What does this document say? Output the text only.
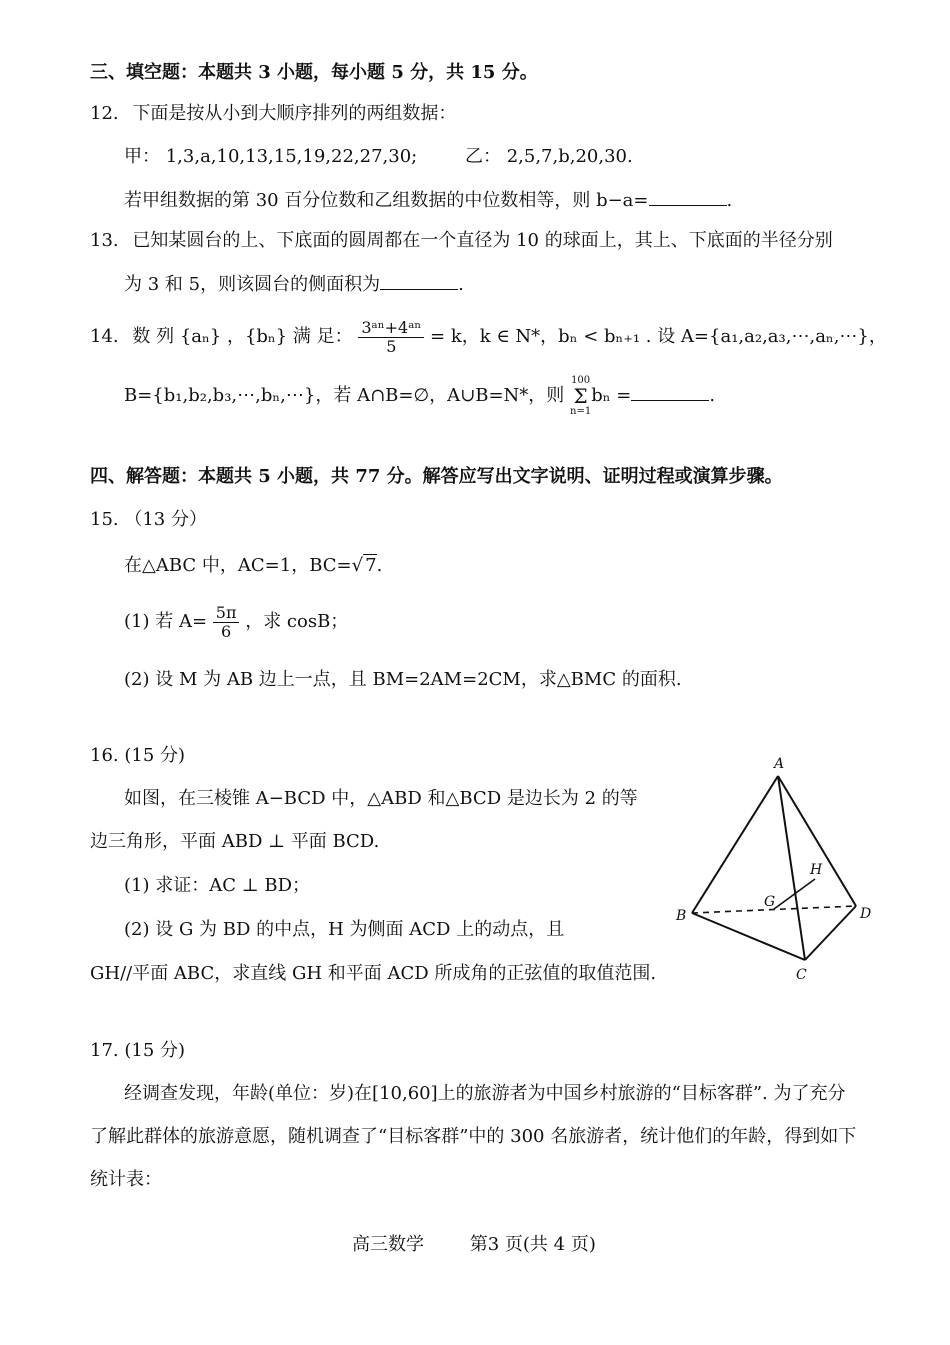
三、填空题：本题共 3 小题，每小题 5 分，共 15 分。
12. 下面是按从小到大顺序排列的两组数据：
甲： 1,3,a,10,13,15,19,22,27,30;	乙： 2,5,7,b,20,30.
若甲组数据的第 30 百分位数和乙组数据的中位数相等，则 b−a=	.
13. 已知某圆台的上、下底面的圆周都在一个直径为 10 的球面上，其上、下底面的半径分别
为 3 和 5，则该圆台的侧面积为	.
14. 数 列 {aₙ} ，{bₙ} 满 足： $\frac{\text{3ᵃⁿ+4ᵃⁿ}}{5} = k$，k ∈ N*，bₙ < bₙ₊₁ . 设 A={a₁,a₂,a₃,⋯,aₙ,⋯}，
B={b₁,b₂,b₃,⋯,bₙ,⋯}，若 A∩B=∅，A∪B=N*，则 100
Σ
n=1bₙ =	.
四、解答题：本题共 5 小题，共 77 分。解答应写出文字说明、证明过程或演算步骤。
15. （13 分）
在△ABC 中，AC=1，BC=√ 7.
(1) 若 $A= \frac{5\pi}{6}$ ，求 cosB；
(2) 设 M 为 AB 边上一点，且 BM=2AM=2CM，求△BMC 的面积.
16. (15 分)
如图，在三棱锥 A−BCD 中，△ABD 和△BCD 是边长为 2 的等
边三角形，平面 ABD ⊥ 平面 BCD.
(1) 求证：AC ⊥ BD；
(2) 设 G 为 BD 的中点，H 为侧面 ACD 上的动点，且
GH//平面 ABC，求直线 GH 和平面 ACD 所成角的正弦值的取值范围.
A
B
C
D
G
H
17. (15 分)
经调查发现，年龄(单位：岁)在[10,60]上的旅游者为中国乡村旅游的“目标客群”. 为了充分
了解此群体的旅游意愿，随机调查了“目标客群”中的 300 名旅游者，统计他们的年龄，得到如下
统计表：
高三数学	第3 页(共 4 页)
